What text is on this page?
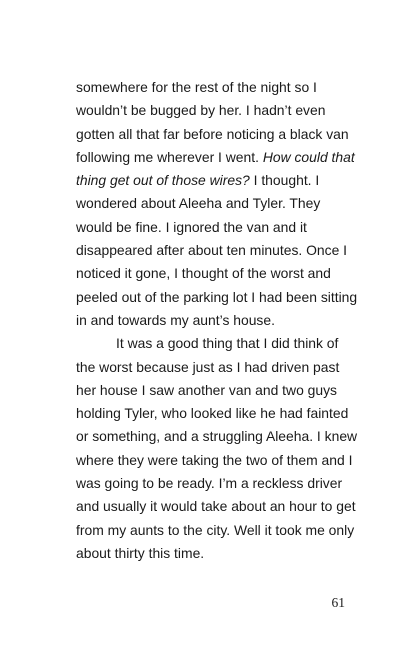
somewhere for the rest of the night so I
wouldn’t be bugged by her. I hadn’t even
gotten all that far before noticing a black van
following me wherever I went. How could that
thing get out of those wires? I thought. I
wondered about Aleeha and Tyler. They
would be fine. I ignored the van and it
disappeared after about ten minutes. Once I
noticed it gone, I thought of the worst and
peeled out of the parking lot I had been sitting
in and towards my aunt’s house.
It was a good thing that I did think of
the worst because just as I had driven past
her house I saw another van and two guys
holding Tyler, who looked like he had fainted
or something, and a struggling Aleeha. I knew
where they were taking the two of them and I
was going to be ready. I’m a reckless driver
and usually it would take about an hour to get
from my aunts to the city. Well it took me only
about thirty this time.
61
